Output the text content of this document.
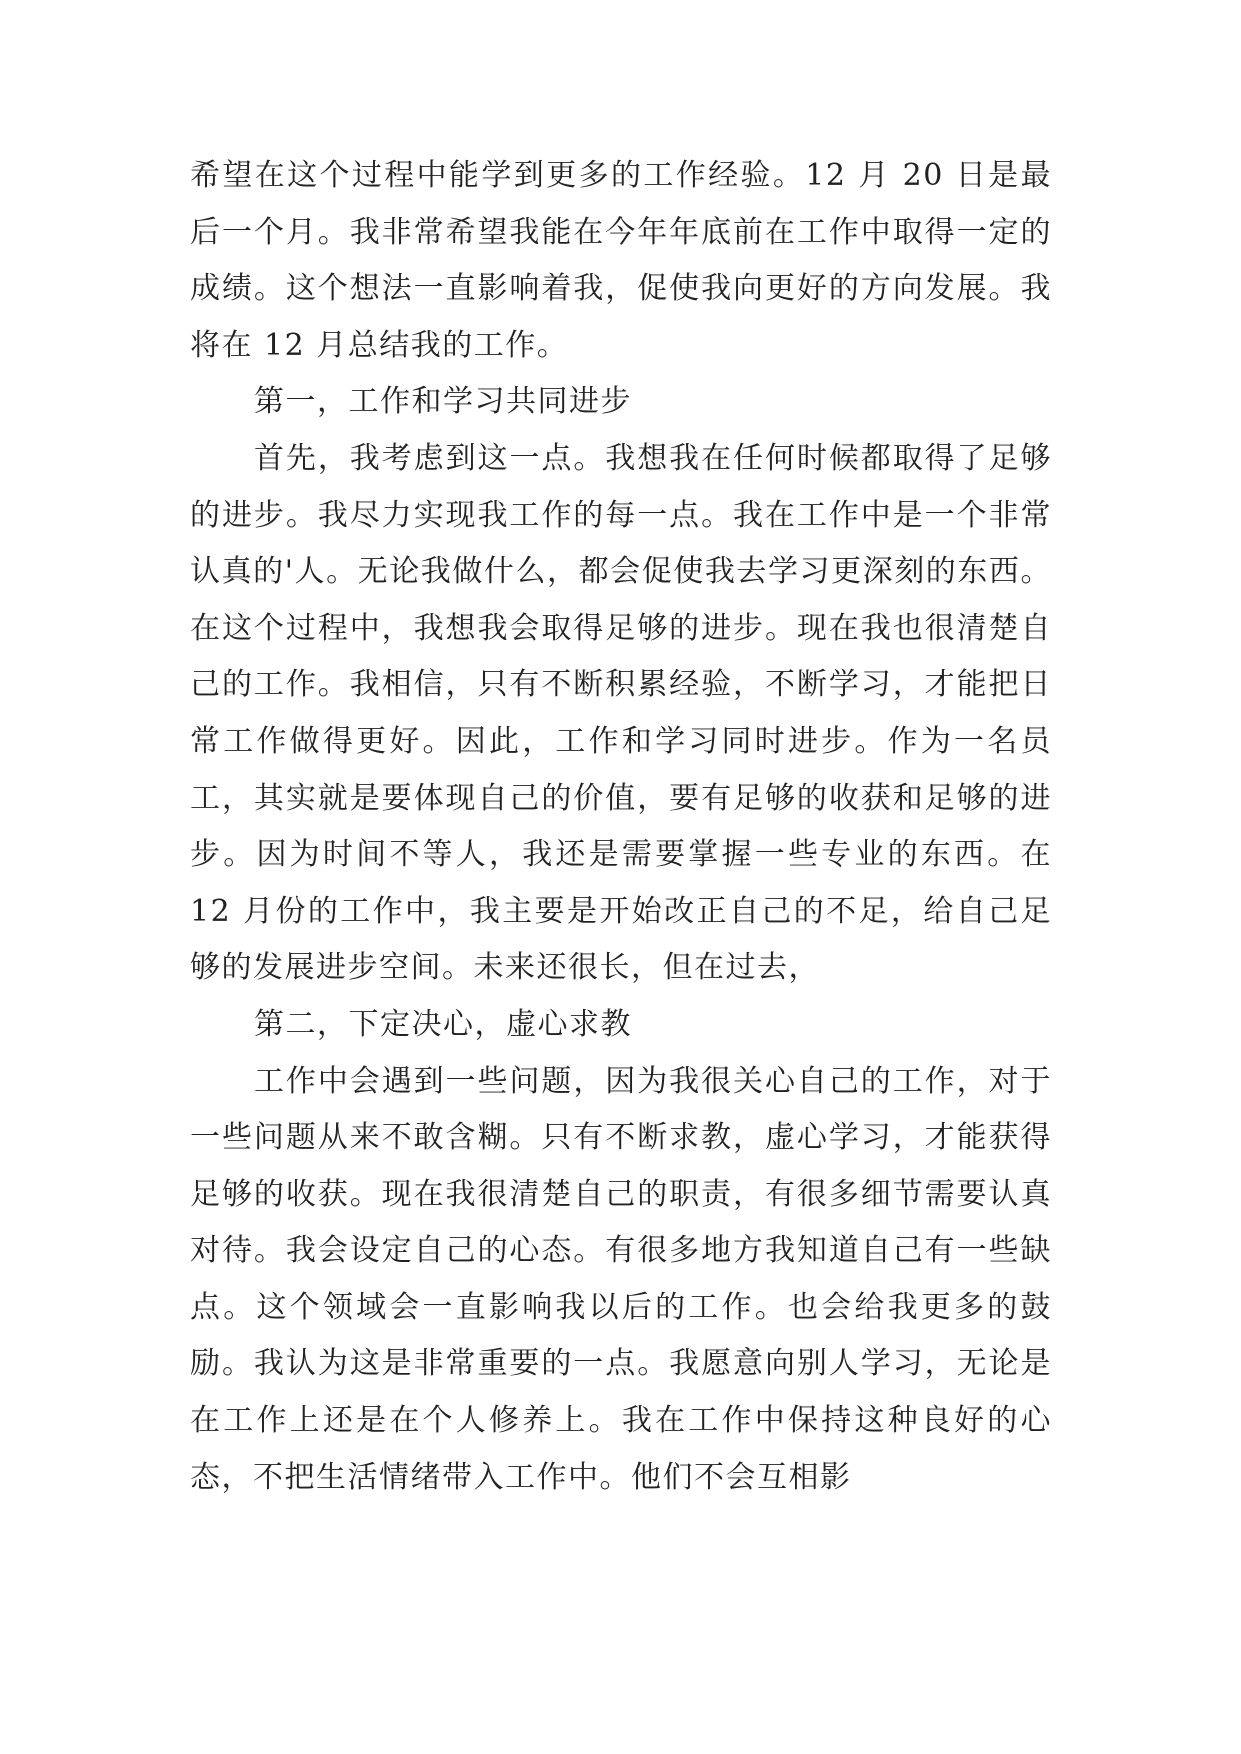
希望在这个过程中能学到更多的工作经验。12 月 20 日是最后一个月。我非常希望我能在今年年底前在工作中取得一定的成绩。这个想法一直影响着我，促使我向更好的方向发展。我将在 12 月总结我的工作。

第一，工作和学习共同进步

首先，我考虑到这一点。我想我在任何时候都取得了足够的进步。我尽力实现我工作的每一点。我在工作中是一个非常认真的'人。无论我做什么，都会促使我去学习更深刻的东西。在这个过程中，我想我会取得足够的进步。现在我也很清楚自己的工作。我相信，只有不断积累经验，不断学习，才能把日常工作做得更好。因此，工作和学习同时进步。作为一名员工，其实就是要体现自己的价值，要有足够的收获和足够的进步。因为时间不等人，我还是需要掌握一些专业的东西。在 12 月份的工作中，我主要是开始改正自己的不足，给自己足够的发展进步空间。未来还很长，但在过去，

第二，下定决心，虚心求教

工作中会遇到一些问题，因为我很关心自己的工作，对于一些问题从来不敢含糊。只有不断求教，虚心学习，才能获得足够的收获。现在我很清楚自己的职责，有很多细节需要认真对待。我会设定自己的心态。有很多地方我知道自己有一些缺点。这个领域会一直影响我以后的工作。也会给我更多的鼓励。我认为这是非常重要的一点。我愿意向别人学习，无论是在工作上还是在个人修养上。我在工作中保持这种良好的心态，不把生活情绪带入工作中。他们不会互相影
